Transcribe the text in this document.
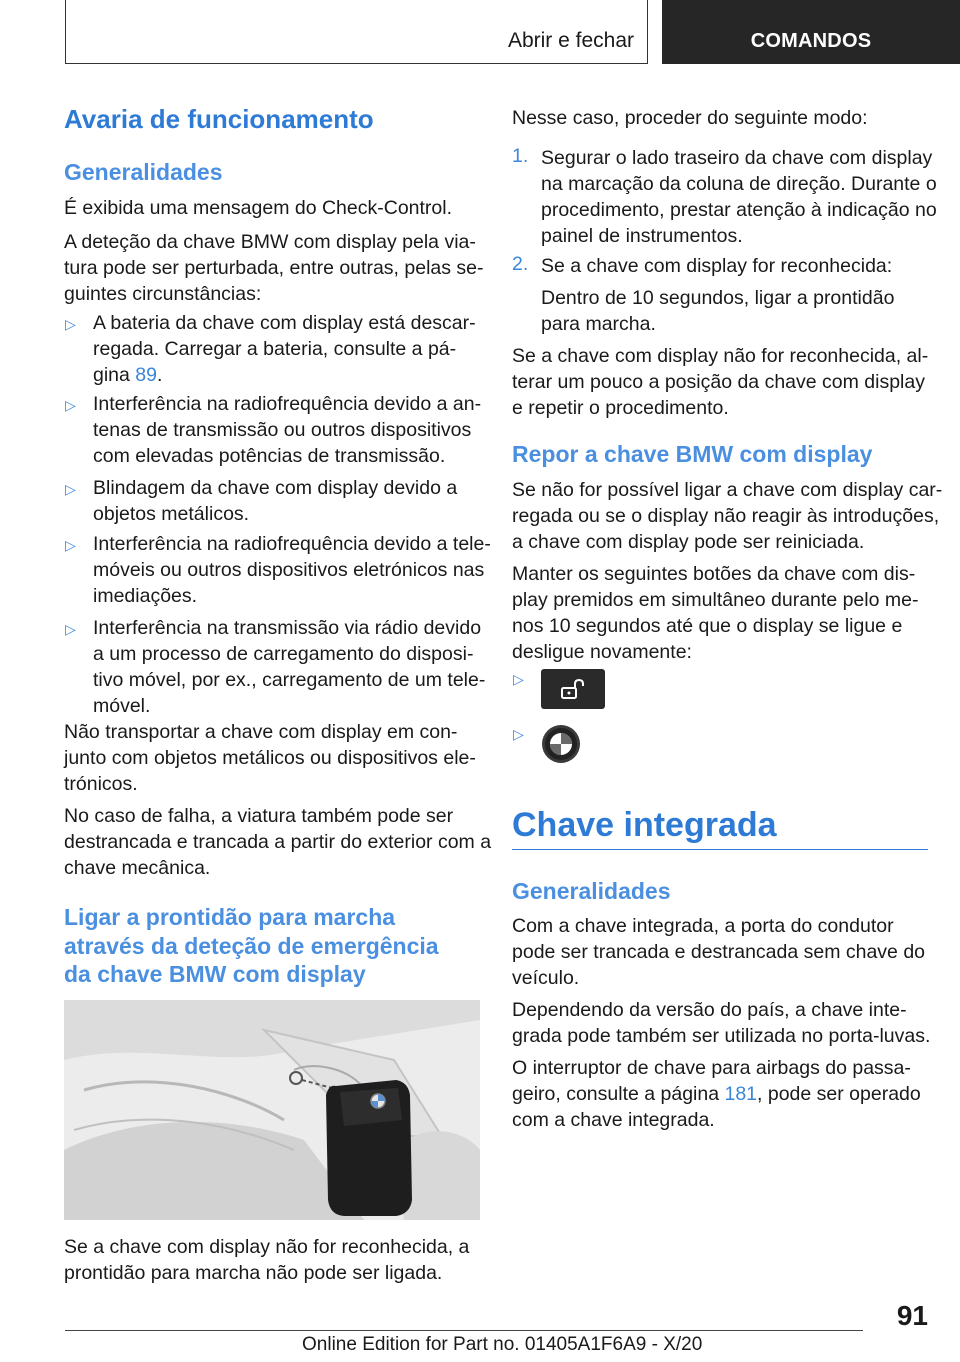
Abrir e fechar	COMANDOS
Avaria de funcionamento
Generalidades

É exibida uma mensagem do Check-Control.

A deteção da chave BMW com display pela via-

tura pode ser perturbada, entre outras, pelas se-

guintes circunstâncias:

▷ A bateria da chave com display está descar-

regada. Carregar a bateria, consulte a pá-

gina 89.

▷ Interferência na radiofrequência devido a an-

tenas de transmissão ou outros dispositivos

com elevadas potências de transmissão.

▷ Blindagem da chave com display devido a

objetos metálicos.

▷ Interferência na radiofrequência devido a tele-

móveis ou outros dispositivos eletrónicos nas

imediações.

▷ Interferência na transmissão via rádio devido

a um processo de carregamento do disposi-

tivo móvel, por ex., carregamento de um tele-

móvel.

Não transportar a chave com display em con-

junto com objetos metálicos ou dispositivos ele-

trónicos.

No caso de falha, a viatura também pode ser

destrancada e trancada a partir do exterior com a

chave mecânica.

Ligar a prontidão para marcha
através da deteção de emergência
da chave BMW com display

Se a chave com display não for reconhecida, a

prontidão para marcha não pode ser ligada.

Nesse caso, proceder do seguinte modo:

1. Segurar o lado traseiro da chave com display

na marcação da coluna de direção. Durante o

procedimento, prestar atenção à indicação no

painel de instrumentos.

2. Se a chave com display for reconhecida:

Dentro de 10 segundos, ligar a prontidão

para marcha.

Se a chave com display não for reconhecida, al-

terar um pouco a posição da chave com display

e repetir o procedimento.

Repor a chave BMW com display

Se não for possível ligar a chave com display car-

regada ou se o display não reagir às introduções,

a chave com display pode ser reiniciada.

Manter os seguintes botões da chave com dis-

play premidos em simultâneo durante pelo me-

nos 10 segundos até que o display se ligue e

desligue novamente:

▷
▷
Chave integrada
Generalidades

Com a chave integrada, a porta do condutor

pode ser trancada e destrancada sem chave do

veículo.

Dependendo da versão do país, a chave inte-

grada pode também ser utilizada no porta-luvas.

O interruptor de chave para airbags do passa-

geiro, consulte a página 181, pode ser operado

com a chave integrada.

91
Online Edition for Part no. 01405A1F6A9 - X/20
